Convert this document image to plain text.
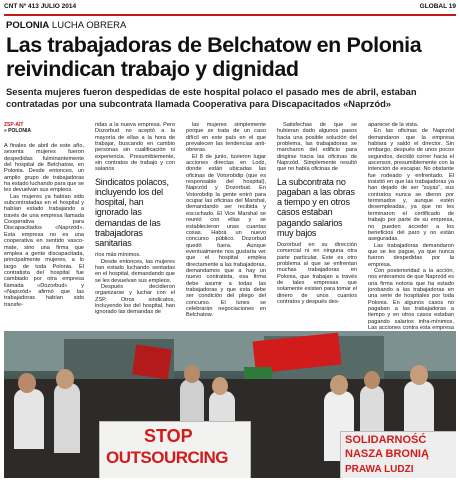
CNT Nº 413 JULIO 2014	GLOBAL 19
POLONIA LUCHA OBRERA
Las trabajadoras de Belchatow en Polonia reivindican trabajo y dignidad

Sesenta mujeres fueron despedidas de este hospital polaco el pasado mes de abril, estaban contratadas por una subcontrata llamada Cooperativa para Discapacitados «Naprzód»

ZSP-AIT
» POLONIA

A finales de abril de este año, sesenta mujeres fueron despedidas fulminantemente del hospital de Belchatow, en Polonia. Desde entonces, un amplio grupo de trabajadoras ha estado luchando para que se les devuelvan sus empleos.

Las mujeres ya habían sido subcontratadas en el hospital y habían estado trabajando a través de una empresa llamada Cooperativa para Discapacitados «Naprzód». Esta empresa no es una cooperativa en sentido vasco-mate, sino una firma que emplea a gente discapacitada, principalmente mujeres, a lo largo de toda Polonia. El contratista del hospital fue cambiado por otra empresa llamada «Dozorbud» y «Naprzód» afirmó que las trabajadoras habían sido transfe-

ridas a la nueva empresa. Pero Dozorbud no aceptó a la mayoría de ellas a la hora de trabajar, buscando en cambio personas sin cualificación ni experiencia. Presumiblemente, sin contratos de trabajo y con salarios

Sindicatos polacos, incluyendo los del hospital, han ignorado las demandas de las trabajadoras sanitarias

ríos más mínimos.

Desde entonces, las mujeres han estado luchando sentadas en el hospital, demandando que se les devuelvan sus empleos.

Después decidieron organizarse y luchar con el ZSP. Otros sindicatos, incluyendo los del hospital, han ignorado las demandas de

las mujeres simplemente porque se trata de un caso difícil en este país en el que prevalecen las tendencias anti-obreras.

El 8 de junio, tuvieron lugar acciones directas en Lodz, donde están ubicadas las oficinas de Votorobdip (que es responsable del hospital), Naprzód y Dozorbud. En Votorobdip la gente entró para ocupar las oficinas del Marshal, demandando ser recibida y escuchado. El Vice Marshal se reunió con ellas y se establecieron unas cuantas cosas. Habrá un nuevo concurso público. Dozorbud quedó fuera. Aunque eventualmente nos gustaría ver que el hospital emplea directamente a las trabajadoras, demandamos que a hay un nuevo contratista, esa firma debe asumir a todas las trabajadoras y que esta debe ser condición del pliego del concurso. El lunes se celebrarán negociaciones en Belchatow.

Satisfechas de que se hubieran dado algunos pasos hacia una posible solución del problema, las trabajadoras se marcharon del edificio para dirigirse hacia las oficinas de Naprzód. Simplemente resultó que no había oficinas de

La subcontrata no pagaban a las obras a tiempo y en otros casos estaban pagando salarios muy bajos

Dozorbud en su dirección comercial ni en ninguna otra parte particular. Este es otro problema al que se enfrentan muchas trabajadoras en Polonia, que trabajan a través de tales empresas que solamente existen para tomar el dinero de unos cuantos contratos y después des-

aparecer de la vista.

En las oficinas de Naprzód demandaron que la empresa hablara y saldó el director. Sin embargo, después de unos pocos segundos, decidió correr hacia el ascensor, presumiblemente con la intención de escapar. No obstante fue rodeado y enfrentado. El insistió en que las trabajadoras ya han dejado de ser "suyas", sus contratos nunca se dieron por terminados y, aunque estén desempleadas, ya que no les terminaron el certificado de trabajo por parte de su empresa, no pueden acceder a los beneficios del paro y no están aseguradas.

Las trabajadoras demandaron que se les pague, ya que nunca fueron despedidas por la empresa.

Con posterioridad a la acción, nos enteramos de que Naprzód es una firma notoria que ha estado jorobando a las trabajadoras en una serie de hospitales por toda Polonia. En algunos casos no pagaban a las trabajadoras a tiempo y en otros casos estaban pagando salarios infra-mínimos. Las acciones contra esta empresa

STOP
OUTSOURCING
SOLIDARNOŚĆ
NASZA BRONIĄ
PRAWA LUDZI
